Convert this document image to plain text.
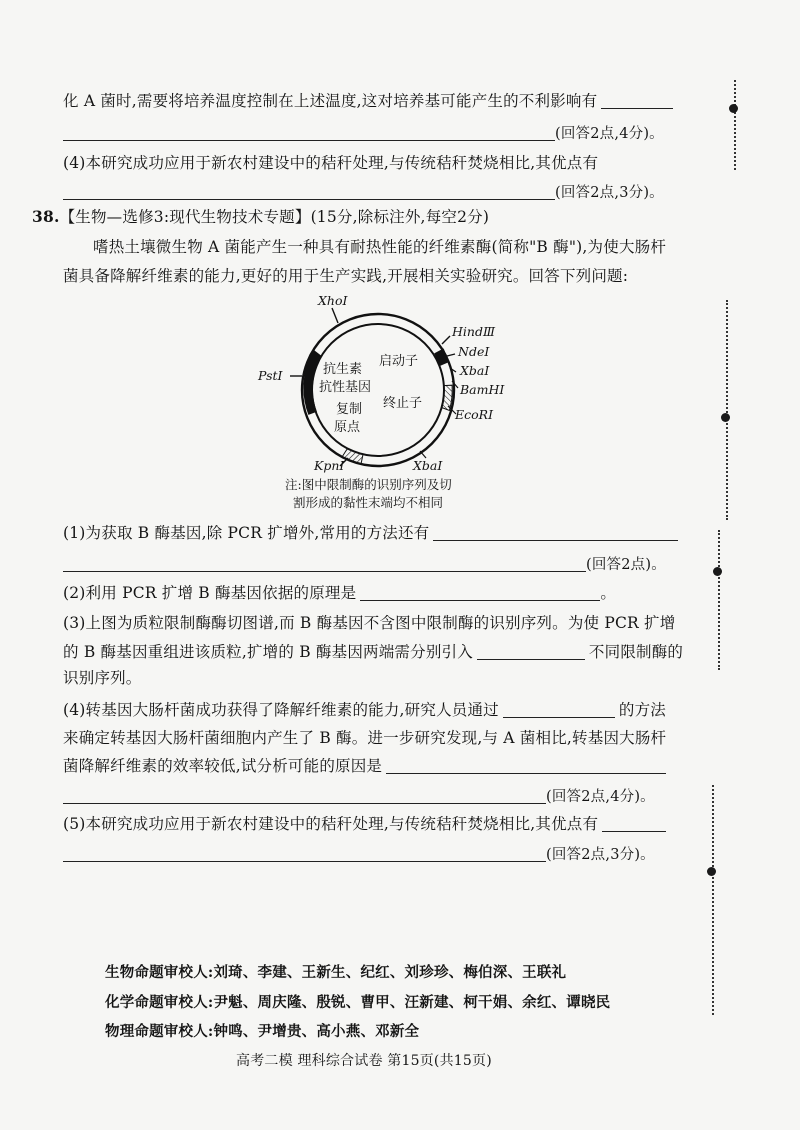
化 A 菌时,需要将培养温度控制在上述温度,这对培养基可能产生的不利影响有
(回答2点,4分)。
(4)本研究成功应用于新农村建设中的秸秆处理,与传统秸秆焚烧相比,其优点有
(回答2点,3分)。
38.【生物—选修3:现代生物技术专题】(15分,除标注外,每空2分)
嗜热土壤微生物 A 菌能产生一种具有耐热性能的纤维素酶(简称"B 酶"),为使大肠杆
菌具备降解纤维素的能力,更好的用于生产实践,开展相关实验研究。回答下列问题:
XhoI
HindⅢ
NdeI
XbaI
BamHI
EcoRI
PstI
KpnI	XbaI
抗生素
抗性基因
启动子
终止子
复制
原点
注:图中限制酶的识别序列及切
割形成的黏性末端均不相同
(1)为获取 B 酶基因,除 PCR 扩增外,常用的方法还有
(回答2点)。
(2)利用 PCR 扩增 B 酶基因依据的原理是	。
(3)上图为质粒限制酶酶切图谱,而 B 酶基因不含图中限制酶的识别序列。为使 PCR 扩增
的 B 酶基因重组进该质粒,扩增的 B 酶基因两端需分别引入	不同限制酶的
识别序列。
(4)转基因大肠杆菌成功获得了降解纤维素的能力,研究人员通过	的方法
来确定转基因大肠杆菌细胞内产生了 B 酶。进一步研究发现,与 A 菌相比,转基因大肠杆
菌降解纤维素的效率较低,试分析可能的原因是
(回答2点,4分)。
(5)本研究成功应用于新农村建设中的秸秆处理,与传统秸秆焚烧相比,其优点有
(回答2点,3分)。
生物命题审校人:刘琦、李建、王新生、纪红、刘珍珍、梅伯深、王联礼
化学命题审校人:尹魁、周庆隆、殷锐、曹甲、汪新建、柯干娟、余红、谭晓民
物理命题审校人:钟鸣、尹增贵、高小燕、邓新全
高考二模 理科综合试卷 第15页(共15页)
